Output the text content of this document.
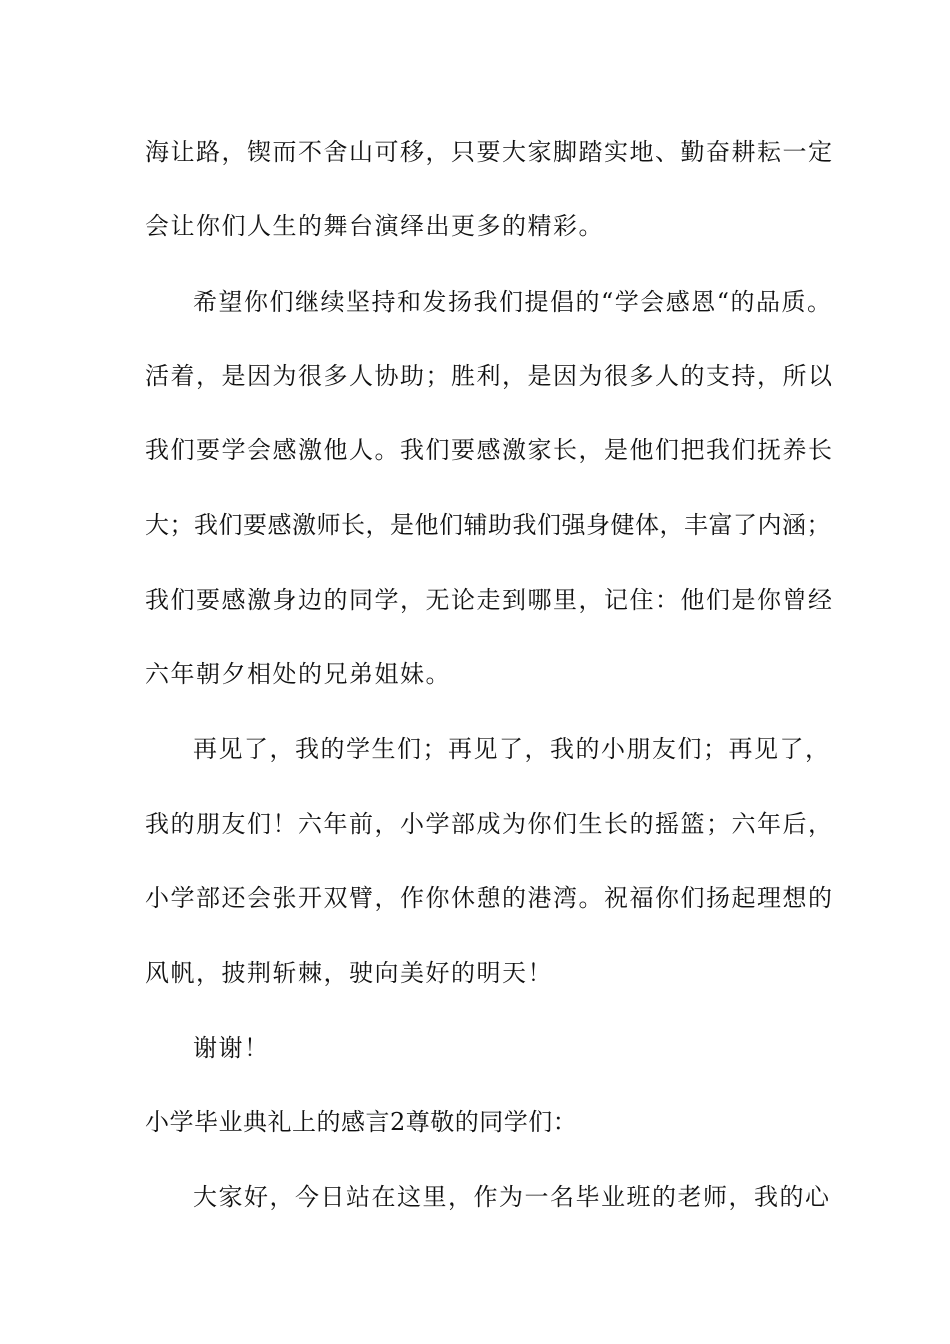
海让路，锲而不舍山可移，只要大家脚踏实地、勤奋耕耘一定
会让你们人生的舞台演绎出更多的精彩。
希望你们继续坚持和发扬我们提倡的“学会感恩“的品质。
活着，是因为很多人协助；胜利，是因为很多人的支持，所以
我们要学会感激他人。我们要感激家长，是他们把我们抚养长
大；我们要感激师长，是他们辅助我们强身健体，丰富了内涵；
我们要感激身边的同学，无论走到哪里，记住：他们是你曾经
六年朝夕相处的兄弟姐妹。
再见了，我的学生们；再见了，我的小朋友们；再见了，
我的朋友们！六年前，小学部成为你们生长的摇篮；六年后，
小学部还会张开双臂，作你休憩的港湾。祝福你们扬起理想的
风帆，披荆斩棘，驶向美好的明天！
谢谢！
小学毕业典礼上的感言2尊敬的同学们：
大家好，今日站在这里，作为一名毕业班的老师，我的心
